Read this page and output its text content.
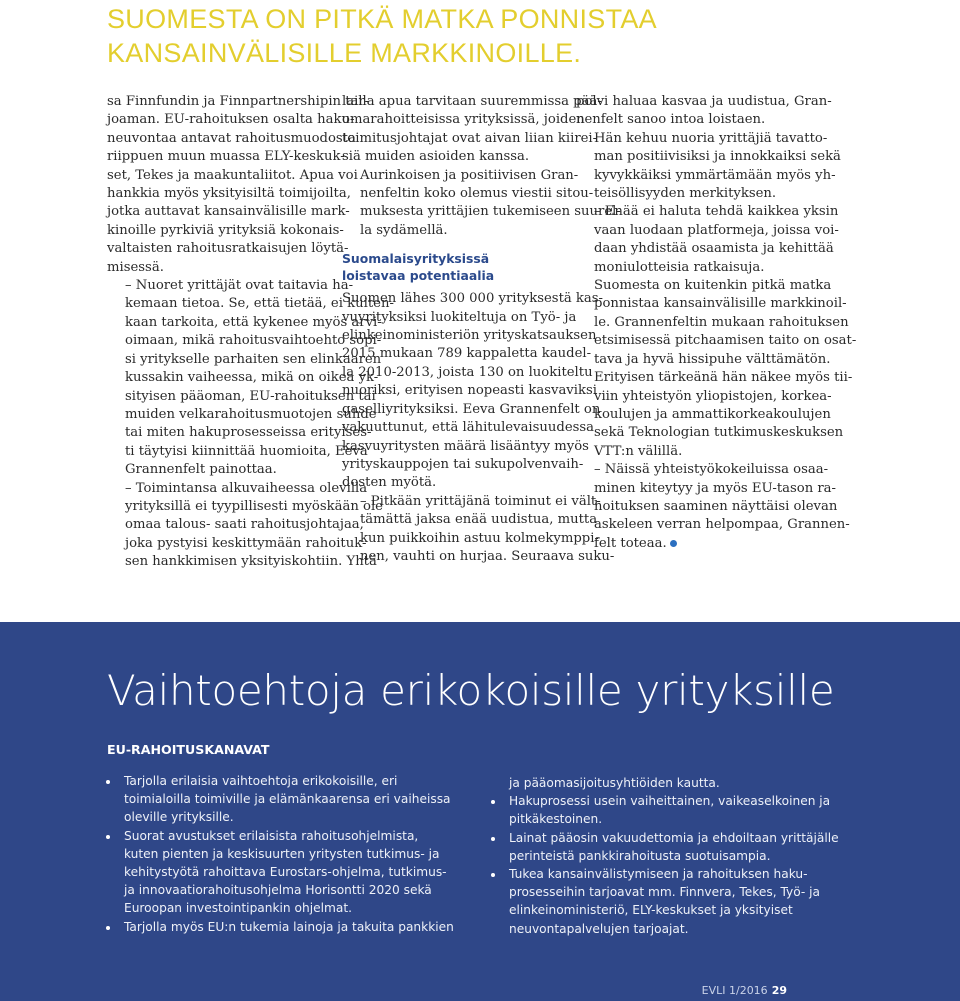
SUOMESTA ON PITKÄ MATKA PONNISTAA
KANSAINVÄLISILLE MARKKINOILLE.

sa Finnfundin ja Finnpartnershipin tar-
joaman. EU-rahoituksen osalta haku-
neuvontaa antavat rahoitusmuodosta
riippuen muun muassa ELY-keskuk-
set, Tekes ja maakuntaliitot. Apua voi
hankkia myös yksityisiltä toimijoilta,
jotka auttavat kansainvälisille mark-
kinoille pyrkiviä yrityksiä kokonais-
valtaisten rahoitusratkaisujen löytä-
misessä.

– Nuoret yrittäjät ovat taitavia ha-
kemaan tietoa. Se, että tietää, ei kuiten-
kaan tarkoita, että kykenee myös arvi-
oimaan, mikä rahoitusvaihtoehto sopi-
si yritykselle parhaiten sen elinkaaren
kussakin vaiheessa, mikä on oikea yk-
sityisen pääoman, EU-rahoituksen tai
muiden velkarahoitusmuotojen suhde
tai miten hakuprosesseissa erityises-
ti täytyisi kiinnittää huomioita, Eeva
Grannenfelt painottaa.

– Toimintansa alkuvaiheessa olevilla
yrityksillä ei tyypillisesti myöskään ole
omaa talous- saati rahoitusjohtajaa,
joka pystyisi keskittymään rahoituk-
sen hankkimisen yksityiskohtiin. Yhtä

lailla apua tarvitaan suuremmissa pää-
omarahoitteisissa yrityksissä, joiden
toimitusjohtajat ovat aivan liian kiirei-
siä muiden asioiden kanssa.

Aurinkoisen ja positiivisen Gran-
nenfeltin koko olemus viestii sitou-
muksesta yrittäjien tukemiseen suurel-
la sydämellä.

Suomalaisyrityksissä
loistavaa potentiaalia

Suomen lähes 300 000 yrityksestä kas-
vuyrityksiksi luokiteltuja on Työ- ja
elinkeinoministeriön yrityskatsauksen
2015 mukaan 789 kappaletta kaudel-
la 2010-2013, joista 130 on luokiteltu
nuoriksi, erityisen nopeasti kasvaviksi
gaselliyrityksiksi. Eeva Grannenfelt on
vakuuttunut, että lähitulevaisuudessa
kasvuyritysten määrä lisääntyy myös
yrityskauppojen tai sukupolvenvaih-
dosten myötä.

– Pitkään yrittäjänä toiminut ei vält-
tämättä jaksa enää uudistua, mutta
kun puikkoihin astuu kolmekymppi-
nen, vauhti on hurjaa. Seuraava suku-

polvi haluaa kasvaa ja uudistua, Gran-
nenfelt sanoo intoa loistaen.

Hän kehuu nuoria yrittäjiä tavatto-
man positiivisiksi ja innokkaiksi sekä
kyvykkäiksi ymmärtämään myös yh-
teisöllisyyden merkityksen.

– Enää ei haluta tehdä kaikkea yksin
vaan luodaan platformeja, joissa voi-
daan yhdistää osaamista ja kehittää
moniulotteisia ratkaisuja.

Suomesta on kuitenkin pitkä matka
ponnistaa kansainvälisille markkinoil-
le. Grannenfeltin mukaan rahoituksen
etsimisessä pitchaamisen taito on osat-
tava ja hyvä hissipuhe välttämätön.
Erityisen tärkeänä hän näkee myös tii-
viin yhteistyön yliopistojen, korkea-
koulujen ja ammattikorkeakoulujen
sekä Teknologian tutkimuskeskuksen
VTT:n välillä.

– Näissä yhteistyökokeiluissa osaa-
minen kiteytyy ja myös EU-tason ra-
hoituksen saaminen näyttäisi olevan
askeleen verran helpompaa, Grannen-
felt toteaa.

Vaihtoehtoja erikokoisille yrityksille
EU-RAHOITUSKANAVAT
Tarjolla erilaisia vaihtoehtoja erikokoisille, eri
toimialoilla toimiville ja elämänkaarensa eri vaiheissa
oleville yrityksille.
Suorat avustukset erilaisista rahoitusohjelmista,
kuten pienten ja keskisuurten yritysten tutkimus- ja
kehitystyötä rahoittava Eurostars-ohjelma, tutkimus-
ja innovaatiorahoitusohjelma Horisontti 2020 sekä
Euroopan investointipankin ohjelmat.
Tarjolla myös EU:n tukemia lainoja ja takuita pankkien
ja pääomasijoitusyhtiöiden kautta.
Hakuprosessi usein vaiheittainen, vaikeaselkoinen ja
pitkäkestoinen.
Lainat pääosin vakuudettomia ja ehdoiltaan yrittäjälle
perinteistä pankkirahoitusta suotuisampia.
Tukea kansainvälistymiseen ja rahoituksen haku-
prosesseihin tarjoavat mm. Finnvera, Tekes, Työ- ja
elinkeinoministeriö, ELY-keskukset ja yksityiset
neuvontapalvelujen tarjoajat.
EVLI 1/2016 29
